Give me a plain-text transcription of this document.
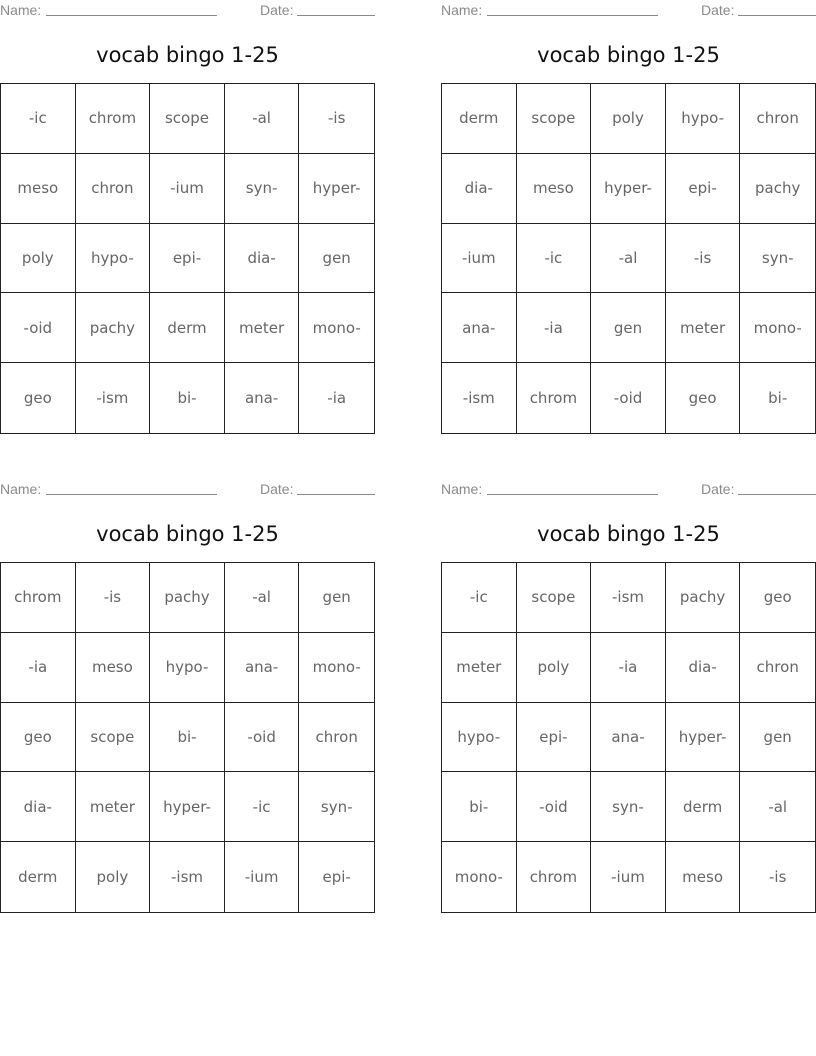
Name:	Date:
vocab bingo 1-25
-ic	chrom	scope	-al	-is
meso	chron	-ium	syn-	hyper-
poly	hypo-	epi-	dia-	gen
-oid	pachy	derm	meter	mono-
geo	-ism	bi-	ana-	-ia
Name:	Date:
vocab bingo 1-25
derm	scope	poly	hypo-	chron
dia-	meso	hyper-	epi-	pachy
-ium	-ic	-al	-is	syn-
ana-	-ia	gen	meter	mono-
-ism	chrom	-oid	geo	bi-
Name:	Date:
vocab bingo 1-25
chrom	-is	pachy	-al	gen
-ia	meso	hypo-	ana-	mono-
geo	scope	bi-	-oid	chron
dia-	meter	hyper-	-ic	syn-
derm	poly	-ism	-ium	epi-
Name:	Date:
vocab bingo 1-25
-ic	scope	-ism	pachy	geo
meter	poly	-ia	dia-	chron
hypo-	epi-	ana-	hyper-	gen
bi-	-oid	syn-	derm	-al
mono-	chrom	-ium	meso	-is
